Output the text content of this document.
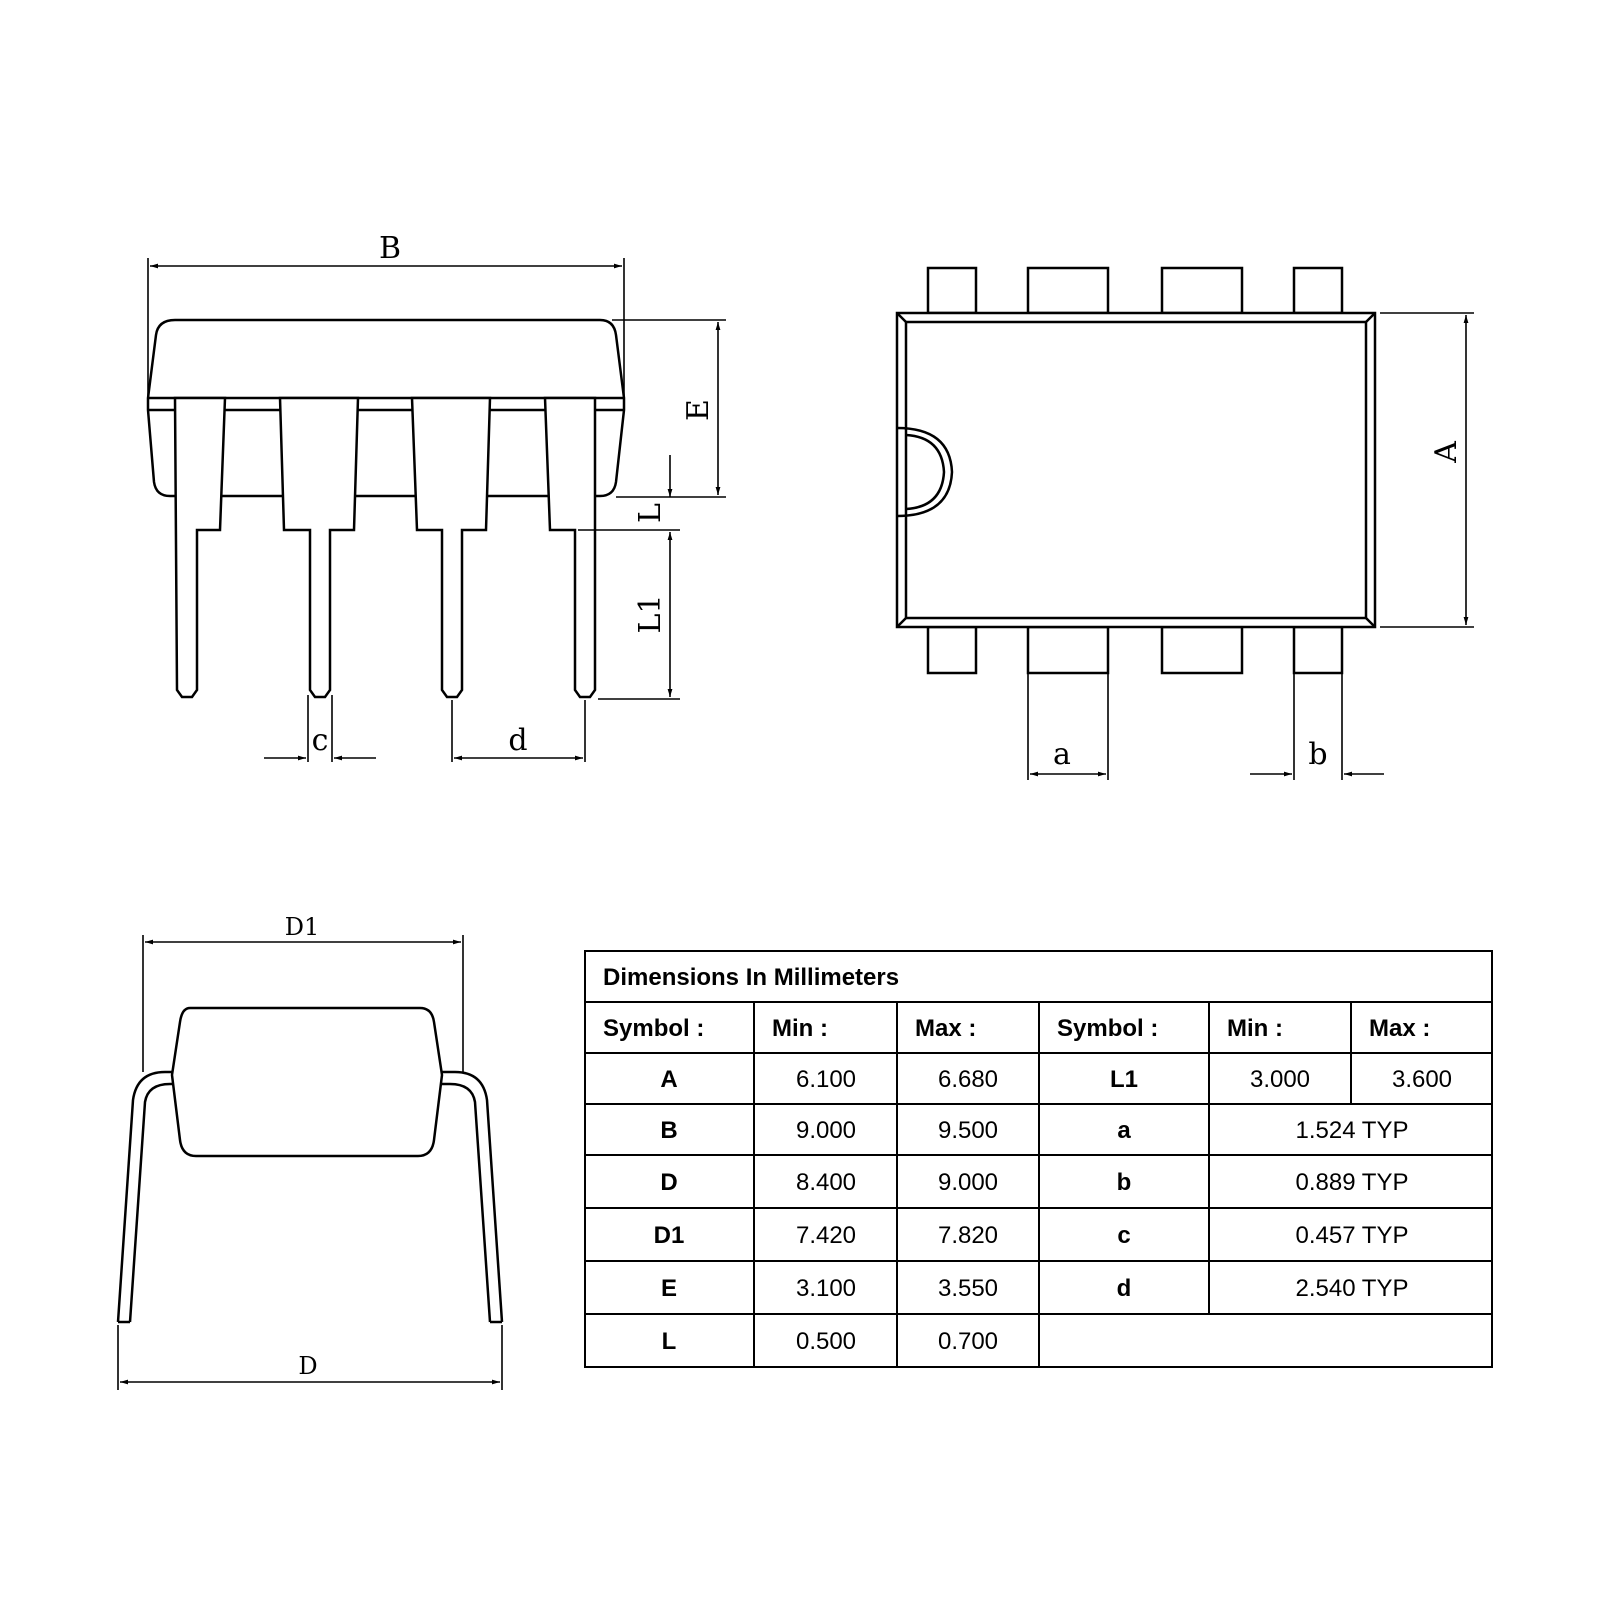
B
E
L
L1
c	d
A
a	b
D1
D
Dimensions In Millimeters
Symbol :	Min :	Max :	Symbol :	Min :	Max :
A	6.100	6.680	L1	3.000	3.600
B	9.000	9.500	a	1.524 TYP
D	8.400	9.000	b	0.889 TYP
D1	7.420	7.820	c	0.457 TYP
E	3.100	3.550	d	2.540 TYP
L	0.500	0.700
